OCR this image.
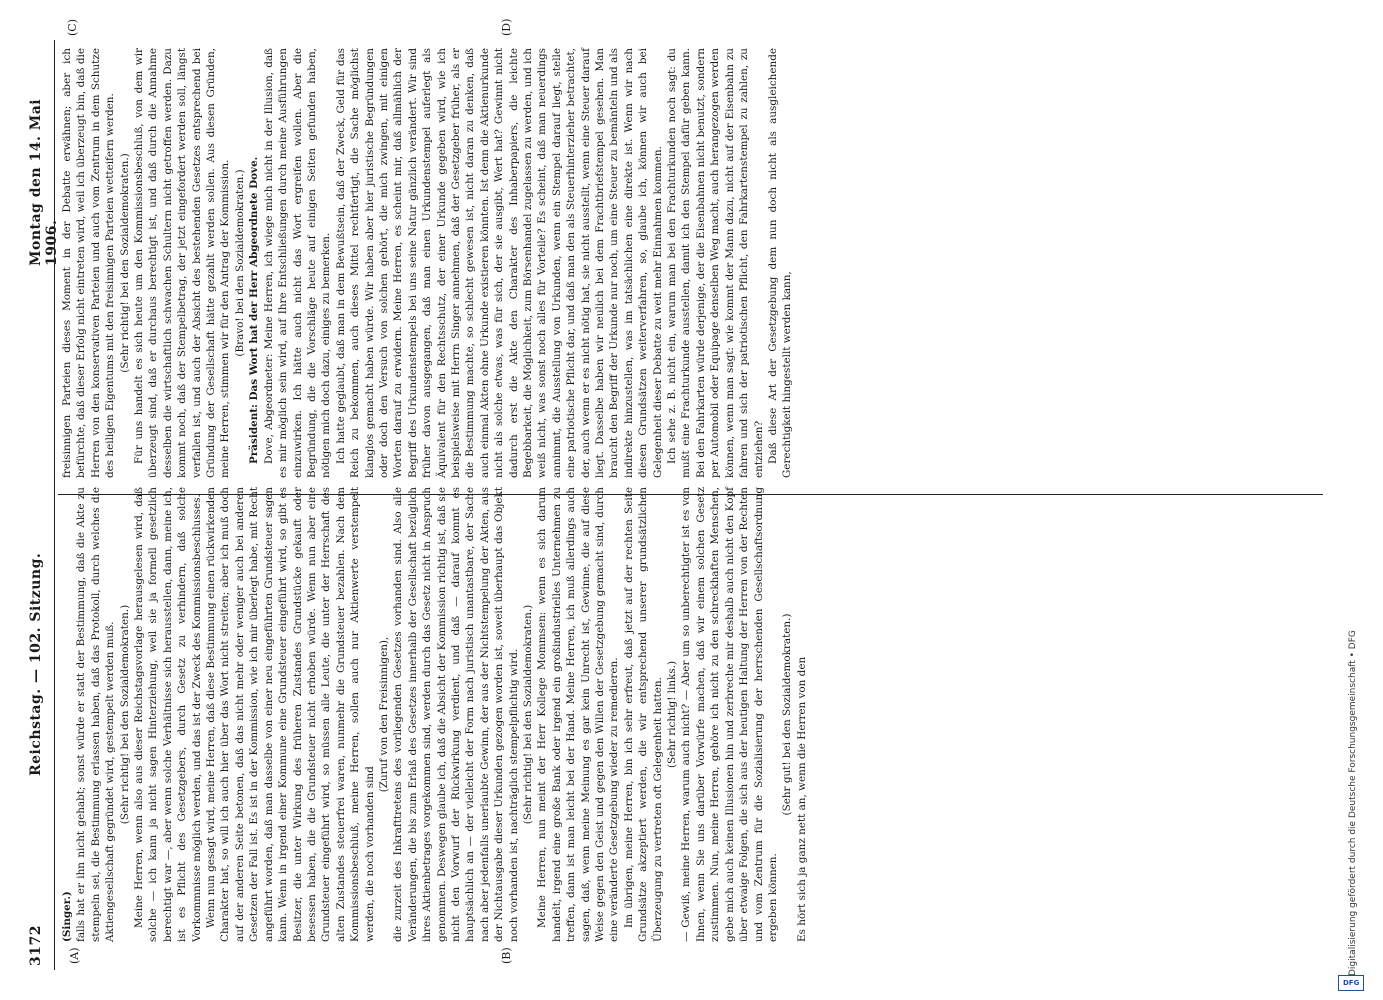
3172
Reichstag. — 102. Sitzung.
Montag den 14. Mai 1906.
(A)	(B)
(C)	(D)

(Singer.) falls hat er ihn nicht gehabt; sonst würde er statt der Bestimmung, daß die Akte zu stempeln sei, die Bestimmung erlassen haben, daß das Protokoll, durch welches die Aktiengesellschaft gegründet wird, gestempelt werden muß. (Sehr richtig! bei den Sozialdemokraten.) Meine Herren, wenn also aus dieser Reichstagsvorlage herausgelesen wird, daß solche — ich kann ja nicht sagen Hinterziehung, weil sie ja formell gesetzlich berechtigt war —, aber wenn solche Verhältnisse sich herausstellen, dann, meine ich, ist es Pflicht des Gesetzgebers, durch Gesetz zu verhindern, daß solche Vorkommnisse möglich werden, und das ist der Zweck des Kommissionsbeschlusses. Wenn nun gesagt wird, meine Herren, daß diese Bestimmung einen rückwirkenden Charakter hat, so will ich auch hier über das Wort nicht streiten; aber ich muß doch auf der anderen Seite betonen, daß das nicht mehr oder weniger auch bei anderen Gesetzen der Fall ist. Es ist in der Kommission, wie ich mir überlegt habe, mit Recht angeführt worden, daß man dasselbe von einer neu eingeführten Grundsteuer sagen kann. Wenn in irgend einer Kommune eine Grundsteuer eingeführt wird, so gibt es Besitzer, die unter Wirkung des früheren Zustandes Grundstücke gekauft oder besessen haben, die die Grundsteuer nicht erhoben würde. Wenn nun aber eine Grundsteuer eingeführt wird, so müssen alle Leute, die unter der Herrschaft des alten Zustandes steuerfrei waren, nunmehr die Grundsteuer bezahlen. Nach dem Kommissionsbeschluß, meine Herren, sollen auch nur Aktienwerte verstempelt werden, die noch vorhanden sind

(Zuruf von den Freisinnigen), die zurzeit des Inkrafttretens des vorliegenden Gesetzes vorhanden sind. Also alle Veränderungen, die bis zum Erlaß des Gesetzes innerhalb der Gesellschaft bezüglich ihres Aktienbetrages vorgekommen sind, werden durch das Gesetz nicht in Anspruch genommen. Deswegen glaube ich, daß die Absicht der Kommission richtig ist, daß sie nicht den Vorwurf der Rückwirkung verdient, und daß — darauf kommt es hauptsächlich an — der vielleicht der Form nach juristisch unantastbare, der Sache nach aber jedenfalls unerlaubte Gewinn, der aus der Nichtstempelung der Akten, aus der Nichtausgabe dieser Urkunden gezogen worden ist, soweit überhaupt das Objekt noch vorhanden ist, nachträglich stempelpflichtig wird. (Sehr richtig! bei den Sozialdemokraten.) Meine Herren, nun meint der Herr Kollege Mommsen: wenn es sich darum handelt, irgend eine große Bank oder irgend ein großindustrielles Unternehmen zu treffen, dann ist man leicht bei der Hand. Meine Herren, ich muß allerdings auch sagen, daß, wenn meine Meinung es gar kein Unrecht ist, Gewinne, die auf diese Weise gegen den Geist und gegen den Willen der Gesetzgebung gemacht sind, durch eine veränderte Gesetzgebung wieder zu remedieren. Im übrigen, meine Herren, bin ich sehr erfreut, daß jetzt auf der rechten Seite Grundsätze akzeptiert werden, die wir entsprechend unserer grundsätzlichen Überzeugung zu vertreten oft Gelegenheit hatten. (Sehr richtig! links.) — Gewiß, meine Herren, warum auch nicht? — Aber um so unberechtigter ist es von Ihnen, wenn Sie uns darüber Vorwürfe machen, daß wir einem solchen Gesetz zustimmen. Nun, meine Herren, gehöre ich nicht zu den schreckhaften Menschen, gebe mich auch keinen Illusionen hin und zerbreche mir deshalb auch nicht den Kopf über etwaige Folgen, die sich aus der heutigen Haltung der Herren von der Rechten und vom Zentrum für die Sozialisierung der herrschenden Gesellschaftsordnung ergeben können.

(Sehr gut! bei den Sozialdemokraten.) Es hört sich ja ganz nett an, wenn die Herren von den

freisinnigen Parteien dieses Moment in der Debatte erwähnen; aber ich befürchte, daß dieser Erfolg nicht eintreten wird, weil ich überzeugt bin, daß die Herren von den konservativen Parteien und auch vom Zentrum in dem Schutze des heiligen Eigentums mit den freisinnigen Parteien wetteifern werden. (Sehr richtig! bei den Sozialdemokraten.) Für uns handelt es sich heute um den Kommissionsbeschluß, von dem wir überzeugt sind, daß er durchaus berechtigt ist, und daß durch die Annahme desselben die wirtschaftlich schwachen Schultern nicht getroffen werden. Dazu kommt noch, daß der Stempelbetrag, der jetzt eingefordert werden soll, längst verfallen ist, und auch der Absicht des bestehenden Gesetzes entsprechend bei Gründung der Gesellschaft hätte gezahlt werden sollen. Aus diesen Gründen, meine Herren, stimmen wir für den Antrag der Kommission. (Bravo! bei den Sozialdemokraten.) Präsident: Das Wort hat der Herr Abgeordnete Dove. Dove, Abgeordneter: Meine Herren, ich wiege mich nicht in der Illusion, daß es mir möglich sein wird, auf Ihre Entschließungen durch meine Ausführungen einzuwirken. Ich hätte auch nicht das Wort ergreifen wollen. Aber die Begründung, die die Vorschläge heute auf einigen Seiten gefunden haben, nötigen mich doch dazu, einiges zu bemerken. Ich hatte geglaubt, daß man in dem Bewußtsein, daß der Zweck, Geld für das Reich zu bekommen, auch dieses Mittel rechtfertigt, die Sache möglichst klanglos gemacht haben würde. Wir haben aber hier juristische Begründungen oder doch den Versuch von solchen gehört, die mich zwingen, mit einigen Worten darauf zu erwidern. Meine Herren, es scheint mir, daß allmählich der Begriff des Urkundenstempels bei uns seine Natur gänzlich verändert. Wir sind früher davon ausgegangen, daß man einen Urkundenstempel auferlegt als Äquivalent für den Rechtsschutz, der einer Urkunde gegeben wird, wie ich beispielsweise mit Herrn Singer annehmen, daß der Gesetzgeber früher, als er die Bestimmung machte, so schlecht gewesen ist, nicht daran zu denken, daß auch einmal Akten ohne Urkunde existieren könnten. Ist denn die Aktienurkunde nicht als solche etwas, was für sich, der sie ausgibt, Wert hat? Gewinnt nicht dadurch erst die Akte den Charakter des Inhaberpapiers, die leichte Begebbarkeit, die Möglichkeit, zum Börsenhandel zugelassen zu werden, und ich weiß nicht, was sonst noch alles für Vorteile? Es scheint, daß man neuerdings annimmt, die Ausstellung von Urkunden, wenn ein Stempel darauf liegt, stelle eine patriotische Pflicht dar, und daß man den als Steuerhinterzieher betrachtet, der, auch wenn er es nicht nötig hat, sie nicht ausstellt, wenn eine Steuer darauf liegt. Dasselbe haben wir neulich bei dem Frachtbriefstempel gesehen. Man braucht den Begriff der Urkunde nur noch, um eine Steuer zu bemänteln und als indirekte hinzustellen, was im tatsächlichen eine direkte ist. Wenn wir nach diesen Grundsätzen weiterverfahren, so, glaube ich, können wir auch bei Gelegenheit dieser Debatte zu weit mehr Einnahmen kommen. Ich sehe z. B. nicht ein, warum man bei den Frachturkunden noch sagt: du mußt eine Frachturkunde ausstellen, damit ich den Stempel dafür geben kann. Bei den Fahrkarten würde derjenige, der die Eisenbahnen nicht benutzt, sondern per Automobil oder Equipage denselben Weg macht, auch herangezogen werden können, wenn man sagt: wie kommt der Mann dazu, nicht auf der Eisenbahn zu fahren und sich der patriotischen Pflicht, den Fahrkartenstempel zu zahlen, zu entziehen? Daß diese Art der Gesetzgebung dem nun doch nicht als ausgleichende Gerechtigkeit hingestellt werden kann,

DFG
Digitalisierung gefördert durch die Deutsche Forschungsgemeinschaft • DFG
